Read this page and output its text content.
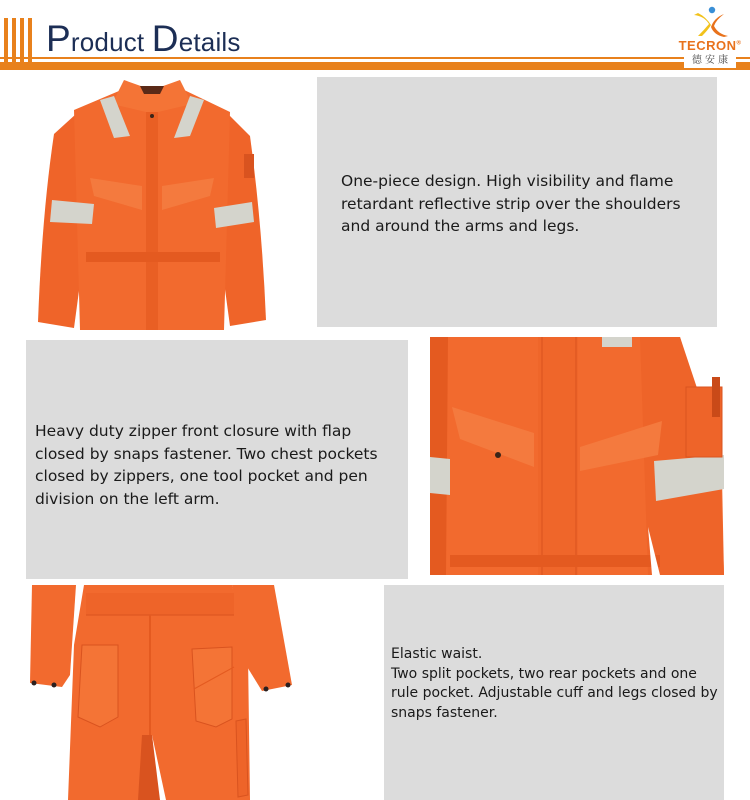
Product Details	TECRON®
德 安 康

One-piece design. High visibility and flame retardant reflective strip over the shoulders and around the arms and legs.

Heavy duty zipper front closure with flap closed by snaps fastener. Two chest pockets closed by zippers, one tool pocket and pen division on the left arm.

Elastic waist.
Two split pockets, two rear pockets and one rule pocket. Adjustable cuff and legs closed by snaps fastener.
